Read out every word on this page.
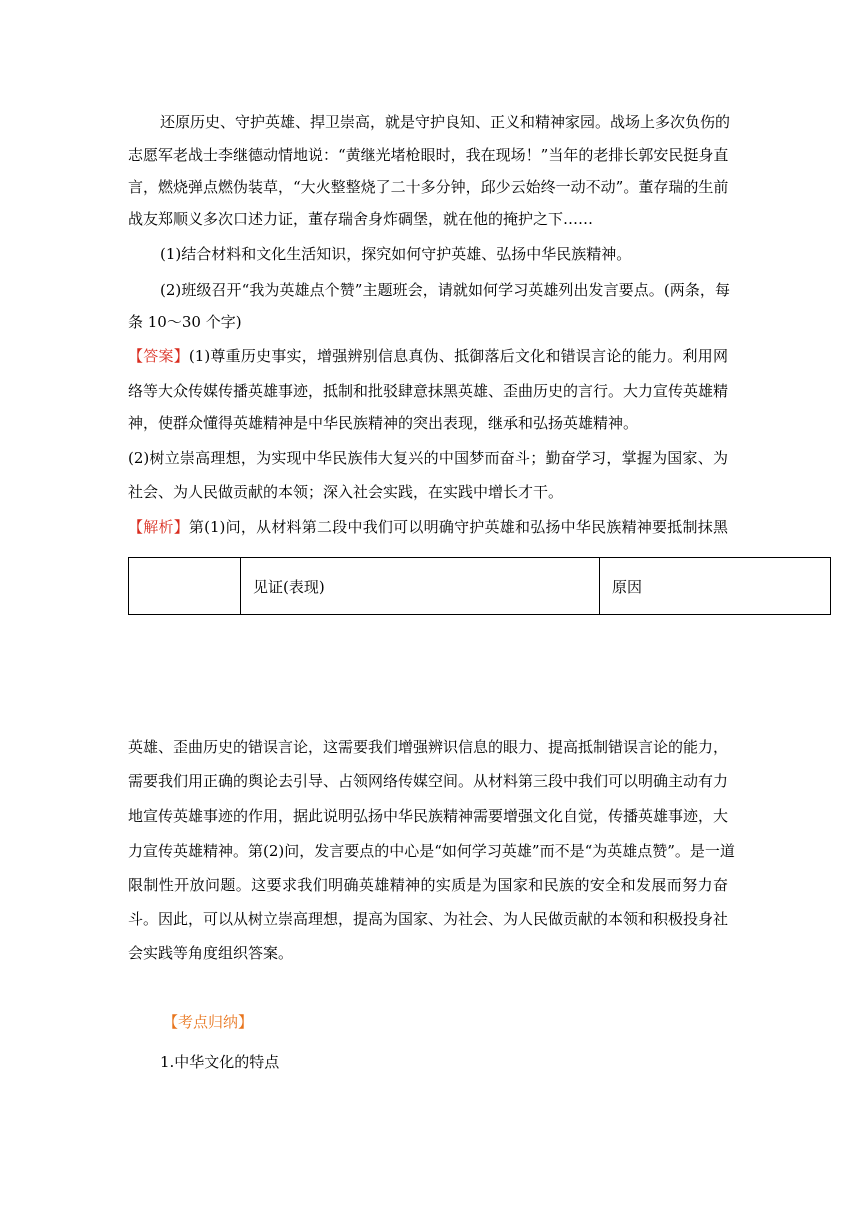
还原历史、守护英雄、捍卫崇高，就是守护良知、正义和精神家园。战场上多次负伤的
志愿军老战士李继德动情地说：“黄继光堵枪眼时，我在现场！”当年的老排长郭安民挺身直
言，燃烧弹点燃伪装草，“大火整整烧了二十多分钟，邱少云始终一动不动”。董存瑞的生前
战友郑顺义多次口述力证，董存瑞舍身炸碉堡，就在他的掩护之下……
(1)结合材料和文化生活知识，探究如何守护英雄、弘扬中华民族精神。
(2)班级召开“我为英雄点个赞”主题班会，请就如何学习英雄列出发言要点。(两条，每
条 10～30 个字)
【答案】(1)尊重历史事实，增强辨别信息真伪、抵御落后文化和错误言论的能力。利用网
络等大众传媒传播英雄事迹，抵制和批驳肆意抹黑英雄、歪曲历史的言行。大力宣传英雄精
神，使群众懂得英雄精神是中华民族精神的突出表现，继承和弘扬英雄精神。
(2)树立崇高理想，为实现中华民族伟大复兴的中国梦而奋斗；勤奋学习，掌握为国家、为
社会、为人民做贡献的本领；深入社会实践，在实践中增长才干。
【解析】第(1)问，从材料第二段中我们可以明确守护英雄和弘扬中华民族精神要抵制抹黑
	见证(表现)	原因
英雄、歪曲历史的错误言论，这需要我们增强辨识信息的眼力、提高抵制错误言论的能力，
需要我们用正确的舆论去引导、占领网络传媒空间。从材料第三段中我们可以明确主动有力
地宣传英雄事迹的作用，据此说明弘扬中华民族精神需要增强文化自觉，传播英雄事迹，大
力宣传英雄精神。第(2)问，发言要点的中心是“如何学习英雄”而不是“为英雄点赞”。是一道
限制性开放问题。这要求我们明确英雄精神的实质是为国家和民族的安全和发展而努力奋
斗。因此，可以从树立崇高理想，提高为国家、为社会、为人民做贡献的本领和积极投身社
会实践等角度组织答案。
【考点归纳】
1.中华文化的特点
